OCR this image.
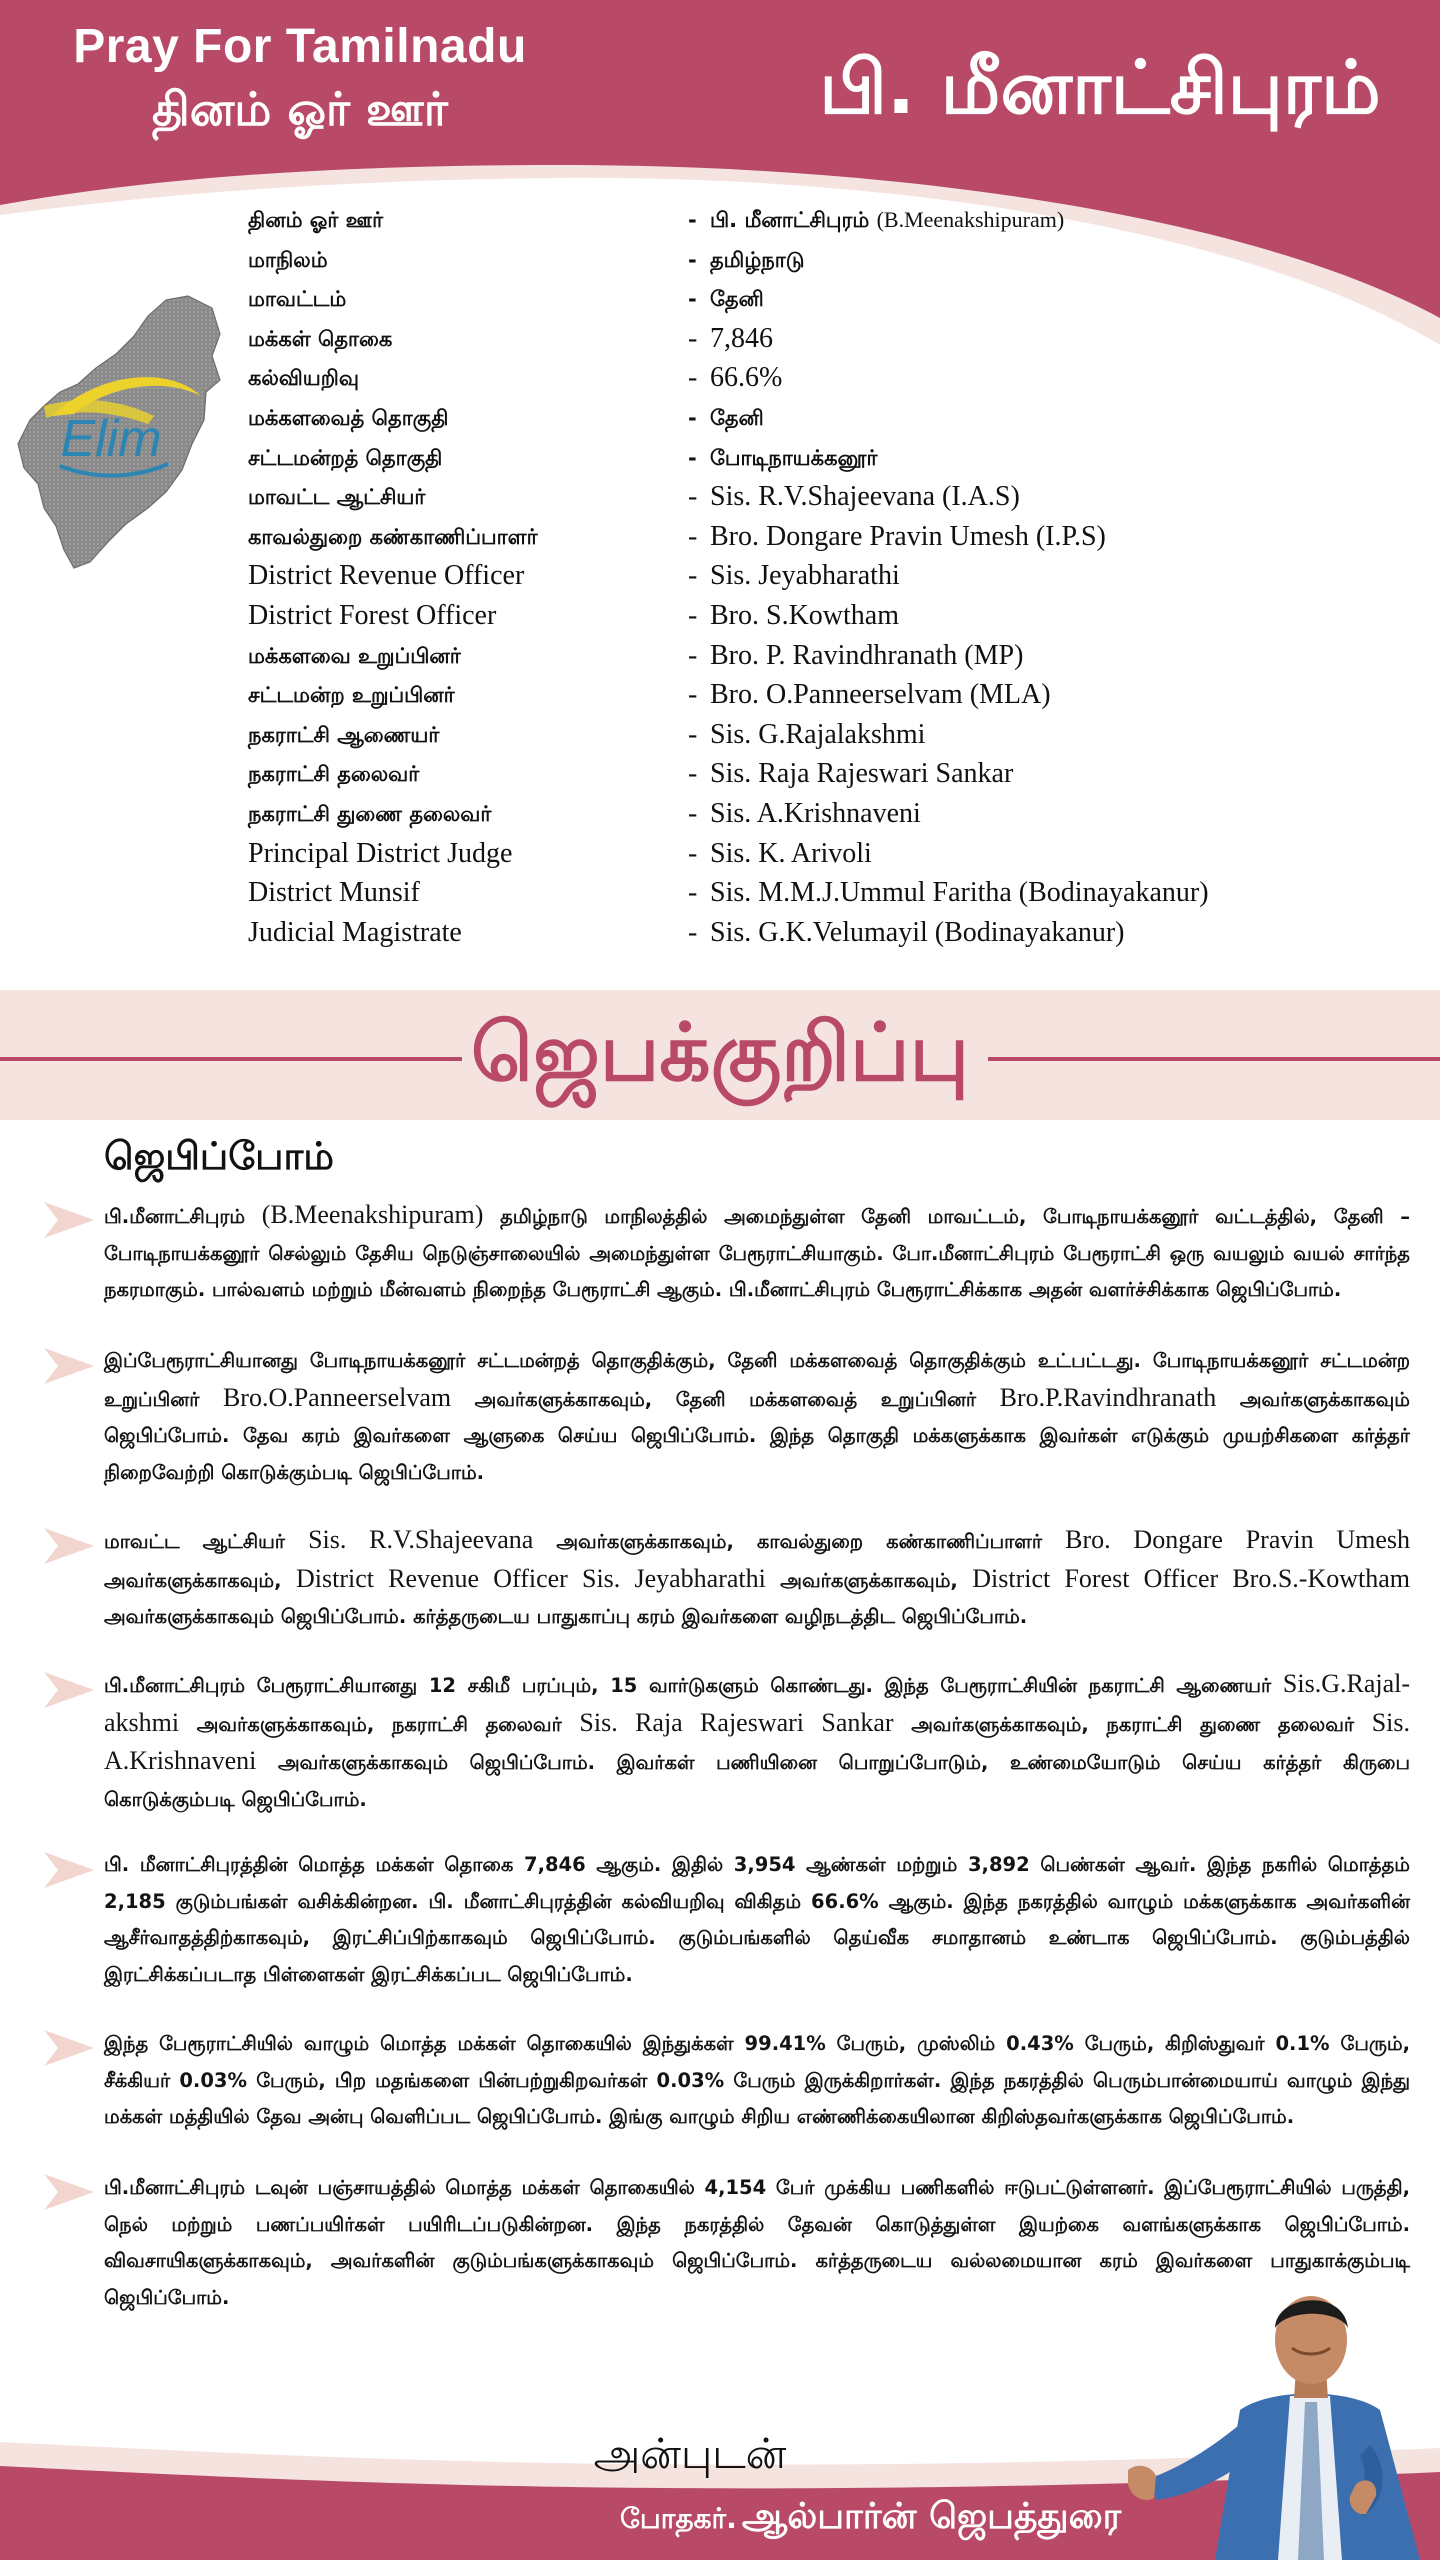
Pray For Tamilnadu
தினம் ஓர் ஊர்	பி. மீனாட்சிபுரம்
Elim
தினம் ஓர் ஊர்	- பி. மீனாட்சிபுரம் (B.Meenakshipuram)
மாநிலம்	- தமிழ்நாடு
மாவட்டம்	- தேனி
மக்கள் தொகை	- 7,846
கல்வியறிவு	- 66.6%
மக்களவைத் தொகுதி	- தேனி
சட்டமன்றத் தொகுதி	- போடிநாயக்கனூர்
மாவட்ட ஆட்சியர்	- Sis. R.V.Shajeevana (I.A.S)
காவல்துறை கண்காணிப்பாளர்	- Bro. Dongare Pravin Umesh (I.P.S)
District Revenue Officer	- Sis. Jeyabharathi
District Forest Officer	- Bro. S.Kowtham
மக்களவை உறுப்பினர்	- Bro. P. Ravindhranath (MP)
சட்டமன்ற உறுப்பினர்	- Bro. O.Panneerselvam (MLA)
நகராட்சி ஆணையர்	- Sis. G.Rajalakshmi
நகராட்சி தலைவர்	- Sis. Raja Rajeswari Sankar
நகராட்சி துணை தலைவர்	- Sis. A.Krishnaveni
Principal District Judge	- Sis. K. Arivoli
District Munsif	- Sis. M.M.J.Ummul Faritha (Bodinayakanur)
Judicial Magistrate	- Sis. G.K.Velumayil (Bodinayakanur)
ஜெபக்குறிப்பு
ஜெபிப்போம்
பி.மீனாட்சிபுரம் (B.Meenakshipuram) தமிழ்நாடு மாநிலத்தில் அமைந்துள்ள தேனி மாவட்டம், போடிநாயக்கனூர் வட்டத்தில், தேனி – போடிநாயக்கனூர் செல்லும் தேசிய நெடுஞ்சாலையில் அமைந்துள்ள பேரூராட்சியாகும். போ.மீனாட்சிபுரம் பேரூராட்சி ஒரு வயலும் வயல் சார்ந்த நகரமாகும். பால்வளம் மற்றும் மீன்வளம் நிறைந்த பேரூராட்சி ஆகும். பி.மீனாட்சிபுரம் பேரூராட்சிக்காக அதன் வளர்ச்சிக்காக ஜெபிப்போம்.
இப்பேரூராட்சியானது போடிநாயக்கனூர் சட்டமன்றத் தொகுதிக்கும், தேனி மக்களவைத் தொகுதிக்கும் உட்பட்டது. போடிநாயக்கனூர் சட்டமன்ற உறுப்பினர் Bro.O.Panneerselvam அவர்களுக்காகவும், தேனி மக்களவைத் உறுப்பினர் Bro.P.Ravindhranath அவர்களுக்காகவும் ஜெபிப்போம். தேவ கரம் இவர்களை ஆளுகை செய்ய ஜெபிப்போம். இந்த தொகுதி மக்களுக்காக இவர்கள் எடுக்கும் முயற்சிகளை கர்த்தர் நிறைவேற்றி கொடுக்கும்படி ஜெபிப்போம்.
மாவட்ட ஆட்சியர் Sis. R.V.Shajeevana அவர்களுக்காகவும், காவல்துறை கண்காணிப்பாளர் Bro. Dongare Pravin Umesh அவர்களுக்காகவும், District Revenue Officer Sis. Jeyabharathi அவர்களுக்காகவும், District Forest Officer Bro.S.-Kowtham அவர்களுக்காகவும் ஜெபிப்போம். கர்த்தருடைய பாதுகாப்பு கரம் இவர்களை வழிநடத்திட ஜெபிப்போம்.
பி.மீனாட்சிபுரம் பேரூராட்சியானது 12 சகிமீ பரப்பும், 15 வார்டுகளும் கொண்டது. இந்த பேரூராட்சியின் நகராட்சி ஆணையர் Sis.G.Rajal-akshmi அவர்களுக்காகவும், நகராட்சி தலைவர் Sis. Raja Rajeswari Sankar அவர்களுக்காகவும், நகராட்சி துணை தலைவர் Sis. A.Krishnaveni அவர்களுக்காகவும் ஜெபிப்போம். இவர்கள் பணியினை பொறுப்போடும், உண்மையோடும் செய்ய கர்த்தர் கிருபை கொடுக்கும்படி ஜெபிப்போம்.
பி. மீனாட்சிபுரத்தின் மொத்த மக்கள் தொகை 7,846 ஆகும். இதில் 3,954 ஆண்கள் மற்றும் 3,892 பெண்கள் ஆவர். இந்த நகரில் மொத்தம் 2,185 குடும்பங்கள் வசிக்கின்றன. பி. மீனாட்சிபுரத்தின் கல்வியறிவு விகிதம் 66.6% ஆகும். இந்த நகரத்தில் வாழும் மக்களுக்காக அவர்களின் ஆசீர்வாதத்திற்காகவும், இரட்சிப்பிற்காகவும் ஜெபிப்போம். குடும்பங்களில் தெய்வீக சமாதானம் உண்டாக ஜெபிப்போம். குடும்பத்தில் இரட்சிக்கப்படாத பிள்ளைகள் இரட்சிக்கப்பட ஜெபிப்போம்.
இந்த பேரூராட்சியில் வாழும் மொத்த மக்கள் தொகையில் இந்துக்கள் 99.41% பேரும், முஸ்லிம் 0.43% பேரும், கிறிஸ்துவர் 0.1% பேரும், சீக்கியர் 0.03% பேரும், பிற மதங்களை பின்பற்றுகிறவர்கள் 0.03% பேரும் இருக்கிறார்கள். இந்த நகரத்தில் பெரும்பான்மையாய் வாழும் இந்து மக்கள் மத்தியில் தேவ அன்பு வெளிப்பட ஜெபிப்போம். இங்கு வாழும் சிறிய எண்ணிக்கையிலான கிறிஸ்தவர்களுக்காக ஜெபிப்போம்.
பி.மீனாட்சிபுரம் டவுன் பஞ்சாயத்தில் மொத்த மக்கள் தொகையில் 4,154 பேர் முக்கிய பணிகளில் ஈடுபட்டுள்ளனர். இப்பேரூராட்சியில் பருத்தி, நெல் மற்றும் பணப்பயிர்கள் பயிரிடப்படுகின்றன. இந்த நகரத்தில் தேவன் கொடுத்துள்ள இயற்கை வளங்களுக்காக ஜெபிப்போம். விவசாயிகளுக்காகவும், அவர்களின் குடும்பங்களுக்காகவும் ஜெபிப்போம். கர்த்தருடைய வல்லமையான கரம் இவர்களை பாதுகாக்கும்படி ஜெபிப்போம்.
அன்புடன்
போதகர். ஆல்பார்ன் ஜெபத்துரை
